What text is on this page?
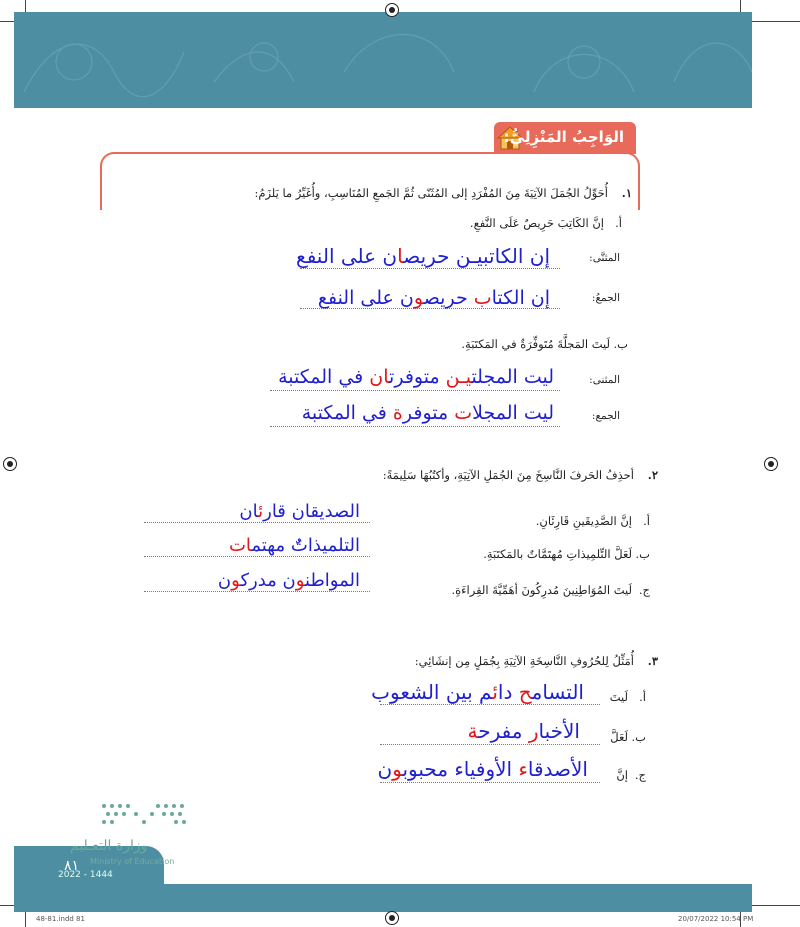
الوَاجِبُ المَنْزِلِيُّ:
١.
أُحَوِّلُ الجُمَلَ الآتِيَةَ مِنَ المُفْرَدِ إلى المُثَنّى ثُمَّ الجَمعِ المُنَاسِبِ، وأُغَيِّرُ ما يَلزَمُ:
أ.
إنَّ الكَاتِبَ حَرِيصٌ عَلَى النَّفعِ.
المثنَّى:
إن الكاتبيـن حريصان على النفع
الجمعُ:
إن الكتاب حريصون على النفع
ب.
لَيتَ المَجلَّةَ مُتَوفِّرَةٌ في المَكتَبَةِ.
المثنى:
ليت المجلتيـن متوفرتان في المكتبة
الجمع:
ليت المجلات متوفرة في المكتبة
٢.
أحذِفُ الحَرفَ النَّاسِخَ مِنَ الجُمَلِ الآتِيَةِ، وأكتُبُهَا سَلِيمَةً:
أ.
إنَّ الصَّدِيقَينِ قَارِئَانِ.
الصديقان قارئان
ب.
لَعَلَّ التِّلمِيذاتِ مُهتَمَّاتٌ بالمَكتَبَةِ.
التلميذاتُ مهتمات
ج.
لَيتَ المُوَاطِنِينَ مُدرِكُونَ أهَمِّيَّةَ القِراءَةِ.
المواطنون مدركون
٣.
أُمَثِّلُ لِلحُرُوفِ النَّاسِخَةِ الآتِيَةِ بِجُمَلٍ مِن إنشَائِي:
أ.
لَيتَ
التسامح دائم بين الشعوب
ب.
لَعَلَّ
الأخبار مفرحة
ج.
إنَّ
الأصدقاء الأوفياء محبوبون
وزارة التعـليم
Ministry of Education
٨١
2022 - 1444
48-81.indd 81	20/07/2022 10:54 PM
